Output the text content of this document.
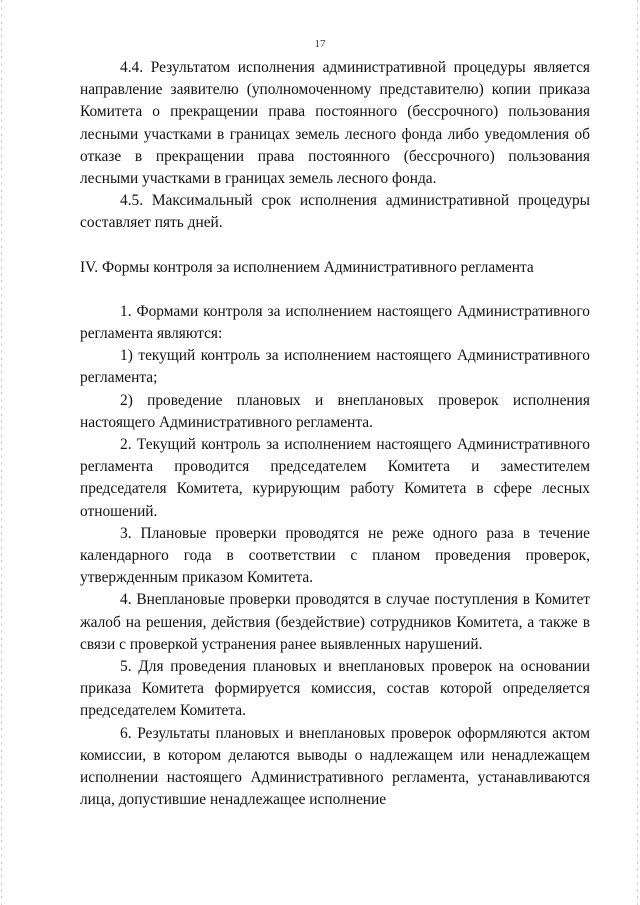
17

4.4. Результатом исполнения административной процедуры является направление заявителю (уполномоченному представителю) копии приказа Комитета о прекращении права постоянного (бессрочного) пользования лесными участками в границах земель лесного фонда либо уведомления об отказе в прекращении права постоянного (бессрочного) пользования лесными участками в границах земель лесного фонда.

4.5. Максимальный срок исполнения административной процедуры составляет пять дней.

IV. Формы контроля за исполнением Административного регламента

1. Формами контроля за исполнением настоящего Административного регламента являются:

1) текущий контроль за исполнением настоящего Административного регламента;

2) проведение плановых и внеплановых проверок исполнения настоящего Административного регламента.

2. Текущий контроль за исполнением настоящего Административного регламента проводится председателем Комитета и заместителем председателя Комитета, курирующим работу Комитета в сфере лесных отношений.

3. Плановые проверки проводятся не реже одного раза в течение календарного года в соответствии с планом проведения проверок, утвержденным приказом Комитета.

4. Внеплановые проверки проводятся в случае поступления в Комитет жалоб на решения, действия (бездействие) сотрудников Комитета, а также в связи с проверкой устранения ранее выявленных нарушений.

5. Для проведения плановых и внеплановых проверок на основании приказа Комитета формируется комиссия, состав которой определяется председателем Комитета.

6. Результаты плановых и внеплановых проверок оформляются актом комиссии, в котором делаются выводы о надлежащем или ненадлежащем исполнении настоящего Административного регламента, устанавливаются лица, допустившие ненадлежащее исполнение
